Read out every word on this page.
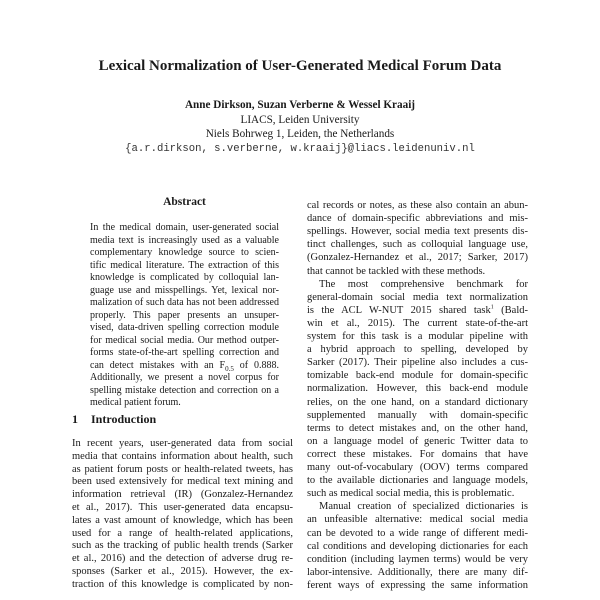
Lexical Normalization of User-Generated Medical Forum Data
Anne Dirkson, Suzan Verberne & Wessel Kraaij
LIACS, Leiden University
Niels Bohrweg 1, Leiden, the Netherlands
{a.r.dirkson, s.verberne, w.kraaij}@liacs.leidenuniv.nl
Abstract
In the medical domain, user-generated social
media text is increasingly used as a valuable
complementary knowledge source to scien-
tific medical literature. The extraction of this
knowledge is complicated by colloquial lan-
guage use and misspellings. Yet, lexical nor-
malization of such data has not been addressed
properly. This paper presents an unsuper-
vised, data-driven spelling correction module
for medical social media. Our method outper-
forms state-of-the-art spelling correction and
can detect mistakes with an $F_{0.5}$ of 0.888.
Additionally, we present a novel corpus for
spelling mistake detection and correction on a
medical patient forum.
1 Introduction
In recent years, user-generated data from social
media that contains information about health, such
as patient forum posts or health-related tweets, has
been used extensively for medical text mining and
information retrieval (IR) (Gonzalez-Hernandez
et al., 2017). This user-generated data encapsu-
lates a vast amount of knowledge, which has been
used for a range of health-related applications,
such as the tracking of public health trends (Sarker
et al., 2016) and the detection of adverse drug re-
sponses (Sarker et al., 2015). However, the ex-
traction of this knowledge is complicated by non-
cal records or notes, as these also contain an abun-
dance of domain-specific abbreviations and mis-
spellings. However, social media text presents dis-
tinct challenges, such as colloquial language use,
(Gonzalez-Hernandez et al., 2017; Sarker, 2017)
that cannot be tackled with these methods.
The most comprehensive benchmark for
general-domain social media text normalization
is the ACL W-NUT 2015 shared task$^1$ (Bald-
win et al., 2015). The current state-of-the-art
system for this task is a modular pipeline with
a hybrid approach to spelling, developed by
Sarker (2017). Their pipeline also includes a cus-
tomizable back-end module for domain-specific
normalization. However, this back-end module
relies, on the one hand, on a standard dictionary
supplemented manually with domain-specific
terms to detect mistakes and, on the other hand,
on a language model of generic Twitter data to
correct these mistakes. For domains that have
many out-of-vocabulary (OOV) terms compared
to the available dictionaries and language models,
such as medical social media, this is problematic.
Manual creation of specialized dictionaries is
an unfeasible alternative: medical social media
can be devoted to a wide range of different medi-
cal conditions and developing dictionaries for each
condition (including laymen terms) would be very
labor-intensive. Additionally, there are many dif-
ferent ways of expressing the same information
